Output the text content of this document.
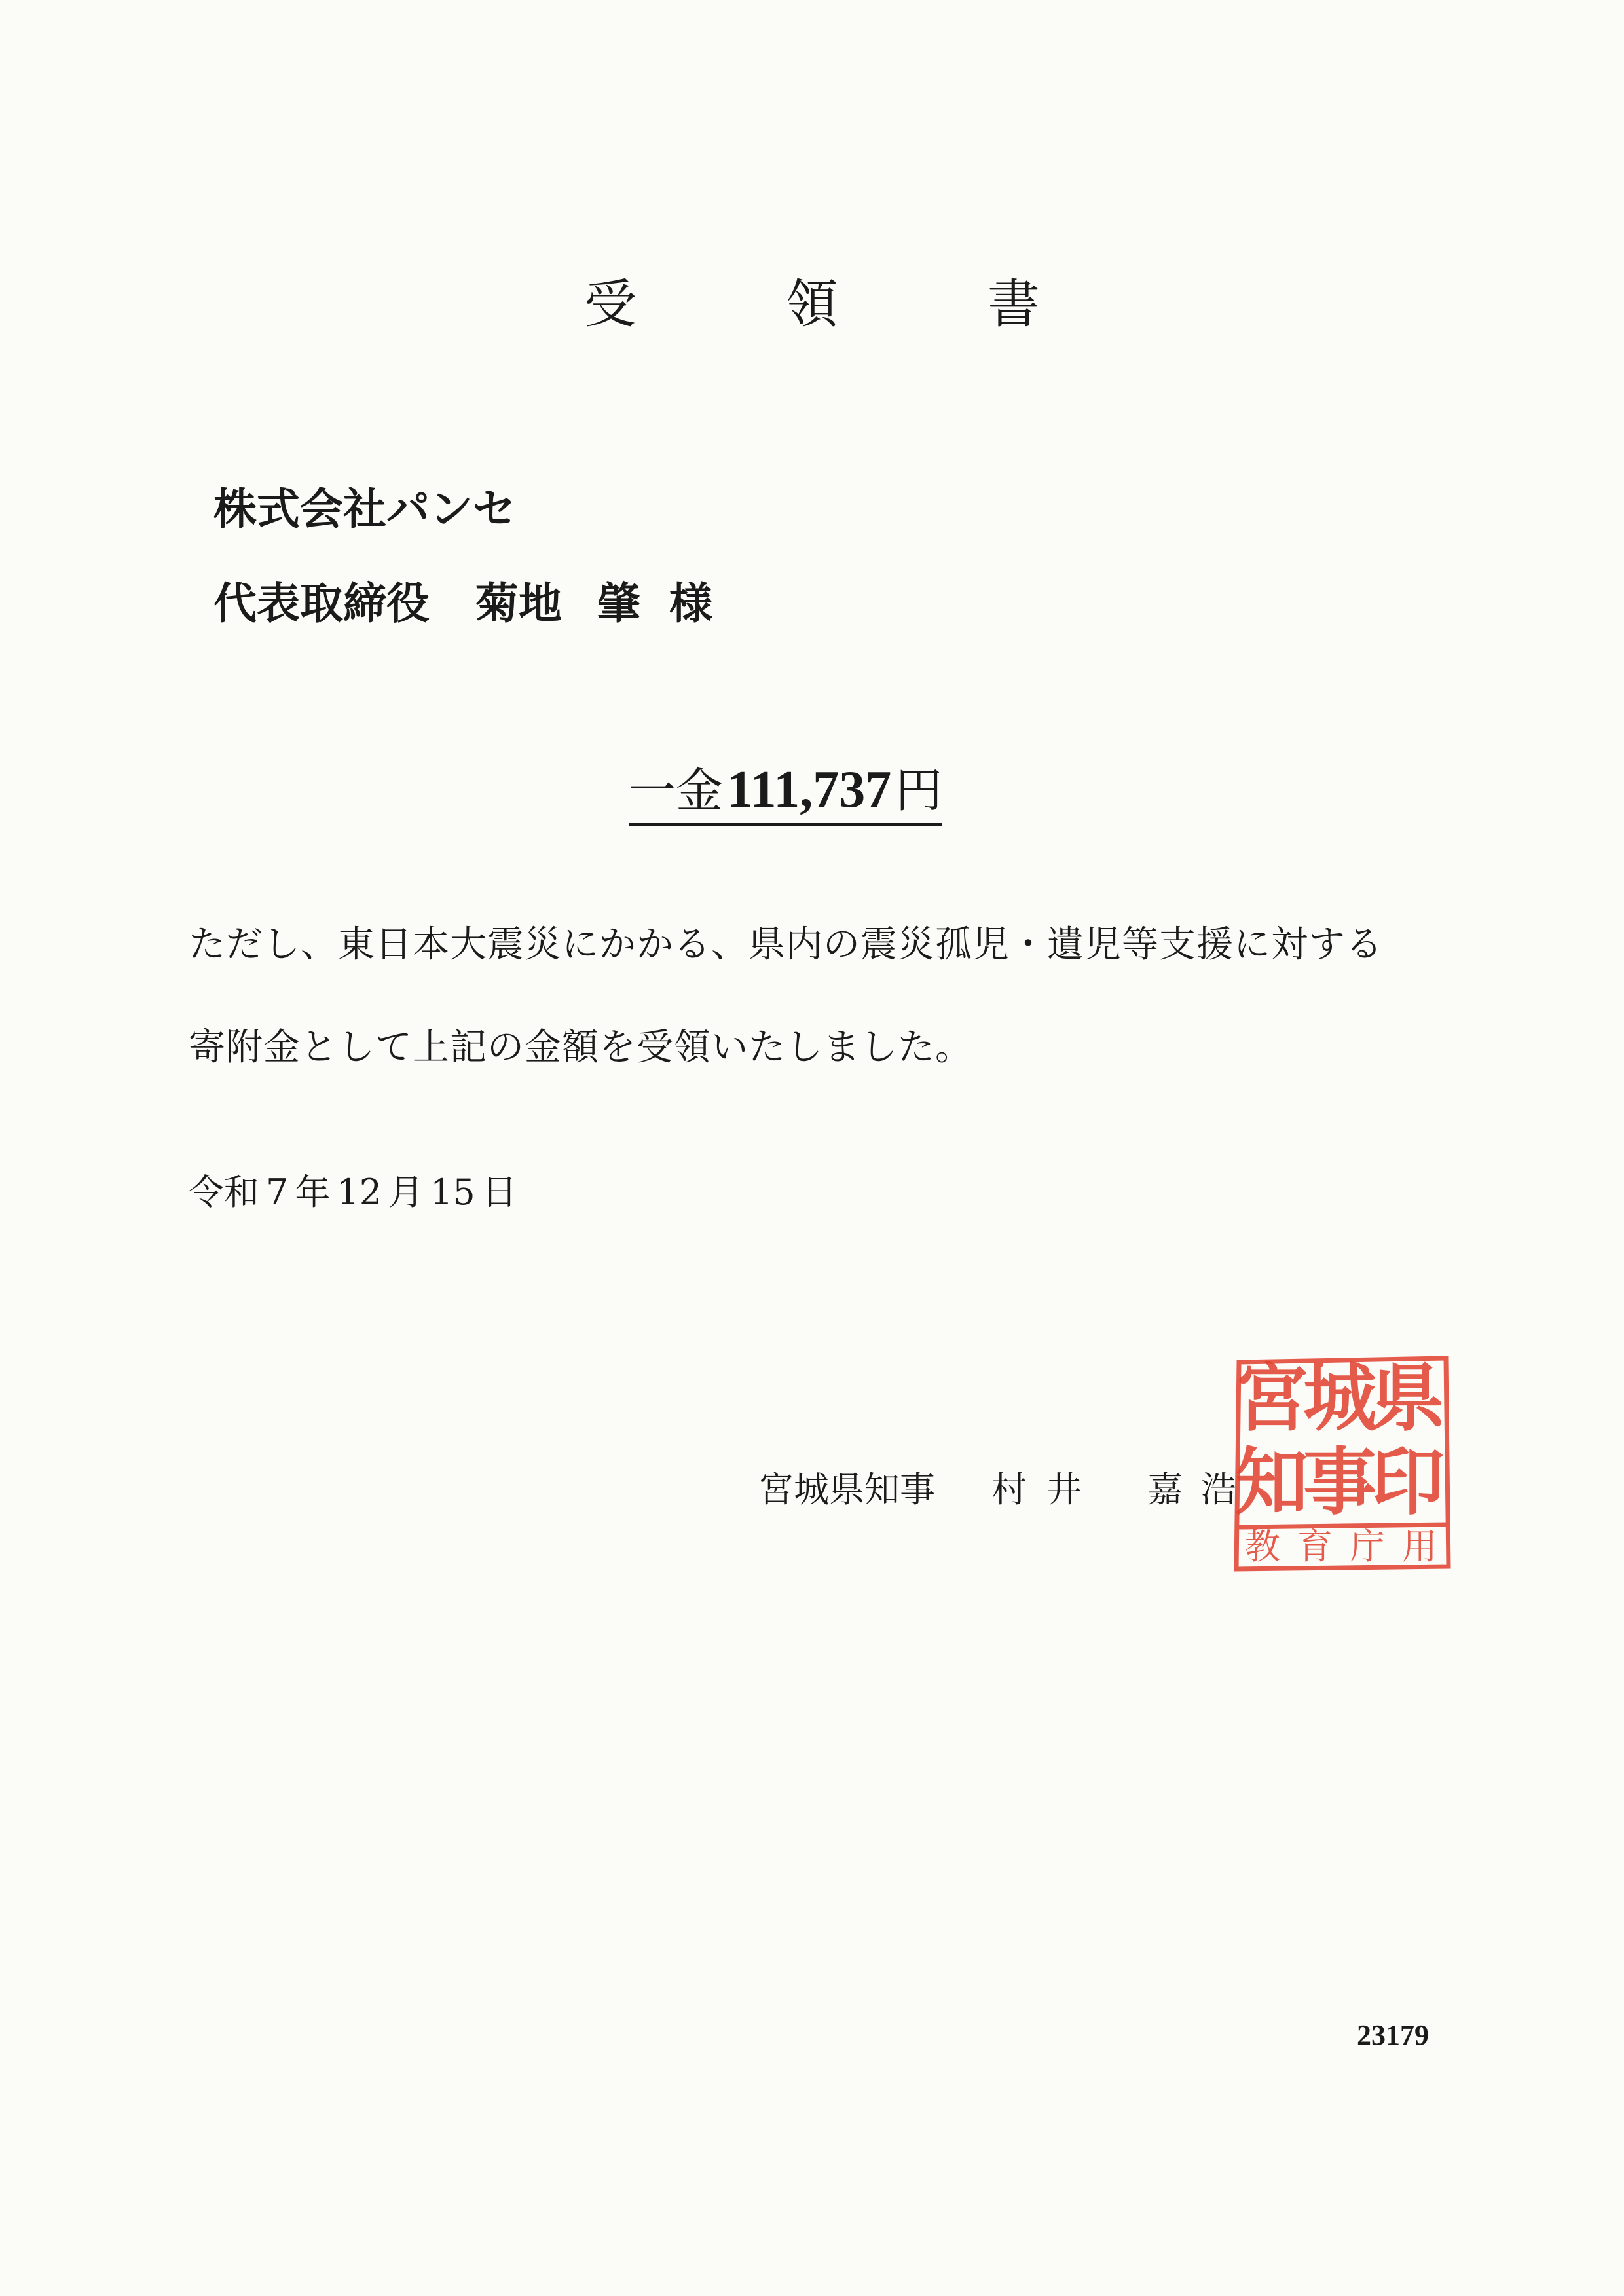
受	領	書
株式会社パンセ
代表取締役 菊地 肇 様
一金111,737円
ただし、東日本大震災にかかる、県内の震災孤児・遺児等支援に対する
寄附金として上記の金額を受領いたしました。
令和 7 年 12 月 15 日
宮城県知事 村 井 嘉 浩
県
城
宮
印
事
知
教 育 庁 用
23179
